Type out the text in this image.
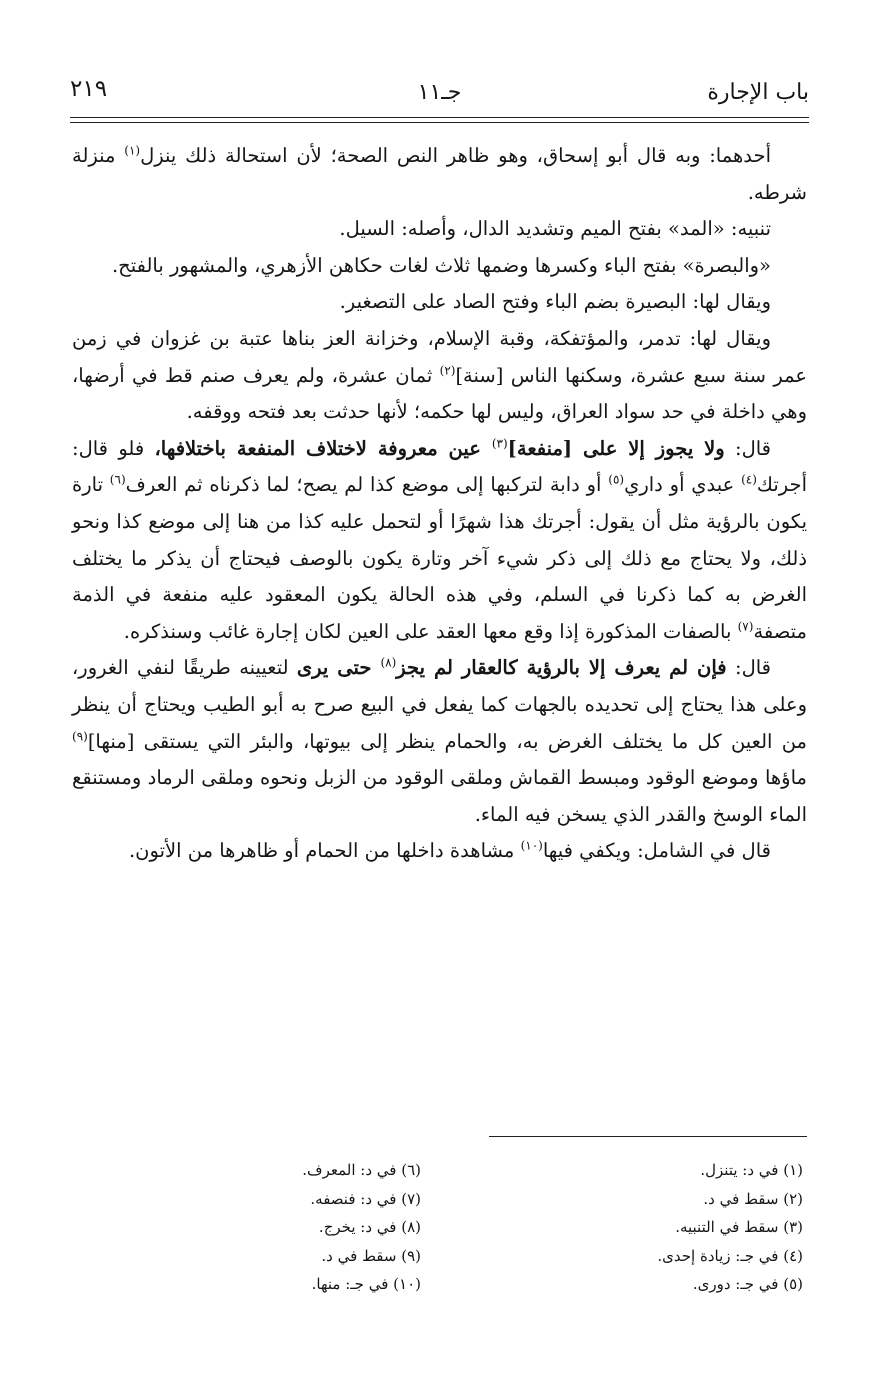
باب الإجارة
جـ١١
٢١٩

أحدهما: وبه قال أبو إسحاق، وهو ظاهر النص الصحة؛ لأن استحالة ذلك ينزل$^{(١)}$ منزلة شرطه.

تنبيه: «المد» بفتح الميم وتشديد الدال، وأصله: السيل.

«والبصرة» بفتح الباء وكسرها وضمها ثلاث لغات حكاهن الأزهري، والمشهور بالفتح.

ويقال لها: البصيرة بضم الباء وفتح الصاد على التصغير.

ويقال لها: تدمر، والمؤتفكة، وقبة الإسلام، وخزانة العز بناها عتبة بن غزوان في زمن عمر سنة سبع عشرة، وسكنها الناس [سنة]$^{(٢)}$ ثمان عشرة، ولم يعرف صنم قط في أرضها، وهي داخلة في حد سواد العراق، وليس لها حكمه؛ لأنها حدثت بعد فتحه ووقفه.

قال: ولا يجوز إلا على [منفعة]$^{(٣)}$ عين معروفة لاختلاف المنفعة باختلافها، فلو قال: أجرتك$^{(٤)}$ عبدي أو داري$^{(٥)}$ أو دابة لتركبها إلى موضع كذا لم يصح؛ لما ذكرناه ثم العرف$^{(٦)}$ تارة يكون بالرؤية مثل أن يقول: أجرتك هذا شهرًا أو لتحمل عليه كذا من هنا إلى موضع كذا ونحو ذلك، ولا يحتاج مع ذلك إلى ذكر شيء آخر وتارة يكون بالوصف فيحتاج أن يذكر ما يختلف الغرض به كما ذكرنا في السلم، وفي هذه الحالة يكون المعقود عليه منفعة في الذمة متصفة$^{(٧)}$ بالصفات المذكورة إذا وقع معها العقد على العين لكان إجارة غائب وسنذكره.

قال: فإن لم يعرف إلا بالرؤية كالعقار لم يجز$^{(٨)}$ حتى يرى لتعيينه طريقًا لنفي الغرور، وعلى هذا يحتاج إلى تحديده بالجهات كما يفعل في البيع صرح به أبو الطيب ويحتاج أن ينظر من العين كل ما يختلف الغرض به، والحمام ينظر إلى بيوتها، والبئر التي يستقى [منها]$^{(٩)}$ ماؤها وموضع الوقود ومبسط القماش وملقى الوقود من الزبل ونحوه وملقى الرماد ومستنقع الماء الوسخ والقدر الذي يسخن فيه الماء.

قال في الشامل: ويكفي فيها$^{(١٠)}$ مشاهدة داخلها من الحمام أو ظاهرها من الأتون.

(١) في د: يتنزل.
(٢) سقط في د.
(٣) سقط في التنبيه.
(٤) في جـ: زيادة إحدى.
(٥) في جـ: دورى.
(٦) في د: المعرف.
(٧) في د: فنصفه.
(٨) في د: يخرج.
(٩) سقط في د.
(١٠) في جـ: منها.
